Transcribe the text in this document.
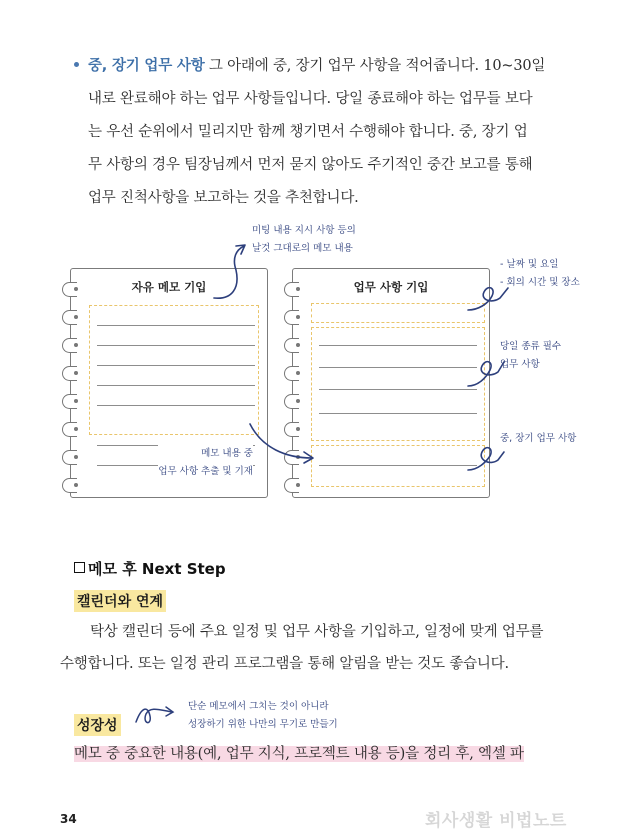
중, 장기 업무 사항 그 아래에 중, 장기 업무 사항을 적어줍니다. 10~30일
내로 완료해야 하는 업무 사항들입니다. 당일 종료해야 하는 업무들 보다
는 우선 순위에서 밀리지만 함께 챙기면서 수행해야 합니다. 중, 장기 업
무 사항의 경우 팀장님께서 먼저 묻지 않아도 주기적인 중간 보고를 통해
업무 진척사항을 보고하는 것을 추천합니다.
미팅 내용 지시 사항 등의
날것 그대로의 메모 내용
자유 메모 기입
메모 내용 중
업무 사항 추출 및 기재
업무 사항 기입
- 날짜 및 요일
- 회의 시간 및 장소
당일 종류 필수
업무 사항
중, 장기 업무 사항
메모 후 Next Step
캘린더와 연계
탁상 캘린더 등에 주요 일정 및 업무 사항을 기입하고, 일정에 맞게 업무를
수행합니다. 또는 일정 관리 프로그램을 통해 알림을 받는 것도 좋습니다.
성장성
단순 메모에서 그치는 것이 아니라
성장하기 위한 나만의 무기로 만들기
메모 중 중요한 내용(예, 업무 지식, 프로젝트 내용 등)을 정리 후, 엑셀 파
34	회사생활 비법노트
